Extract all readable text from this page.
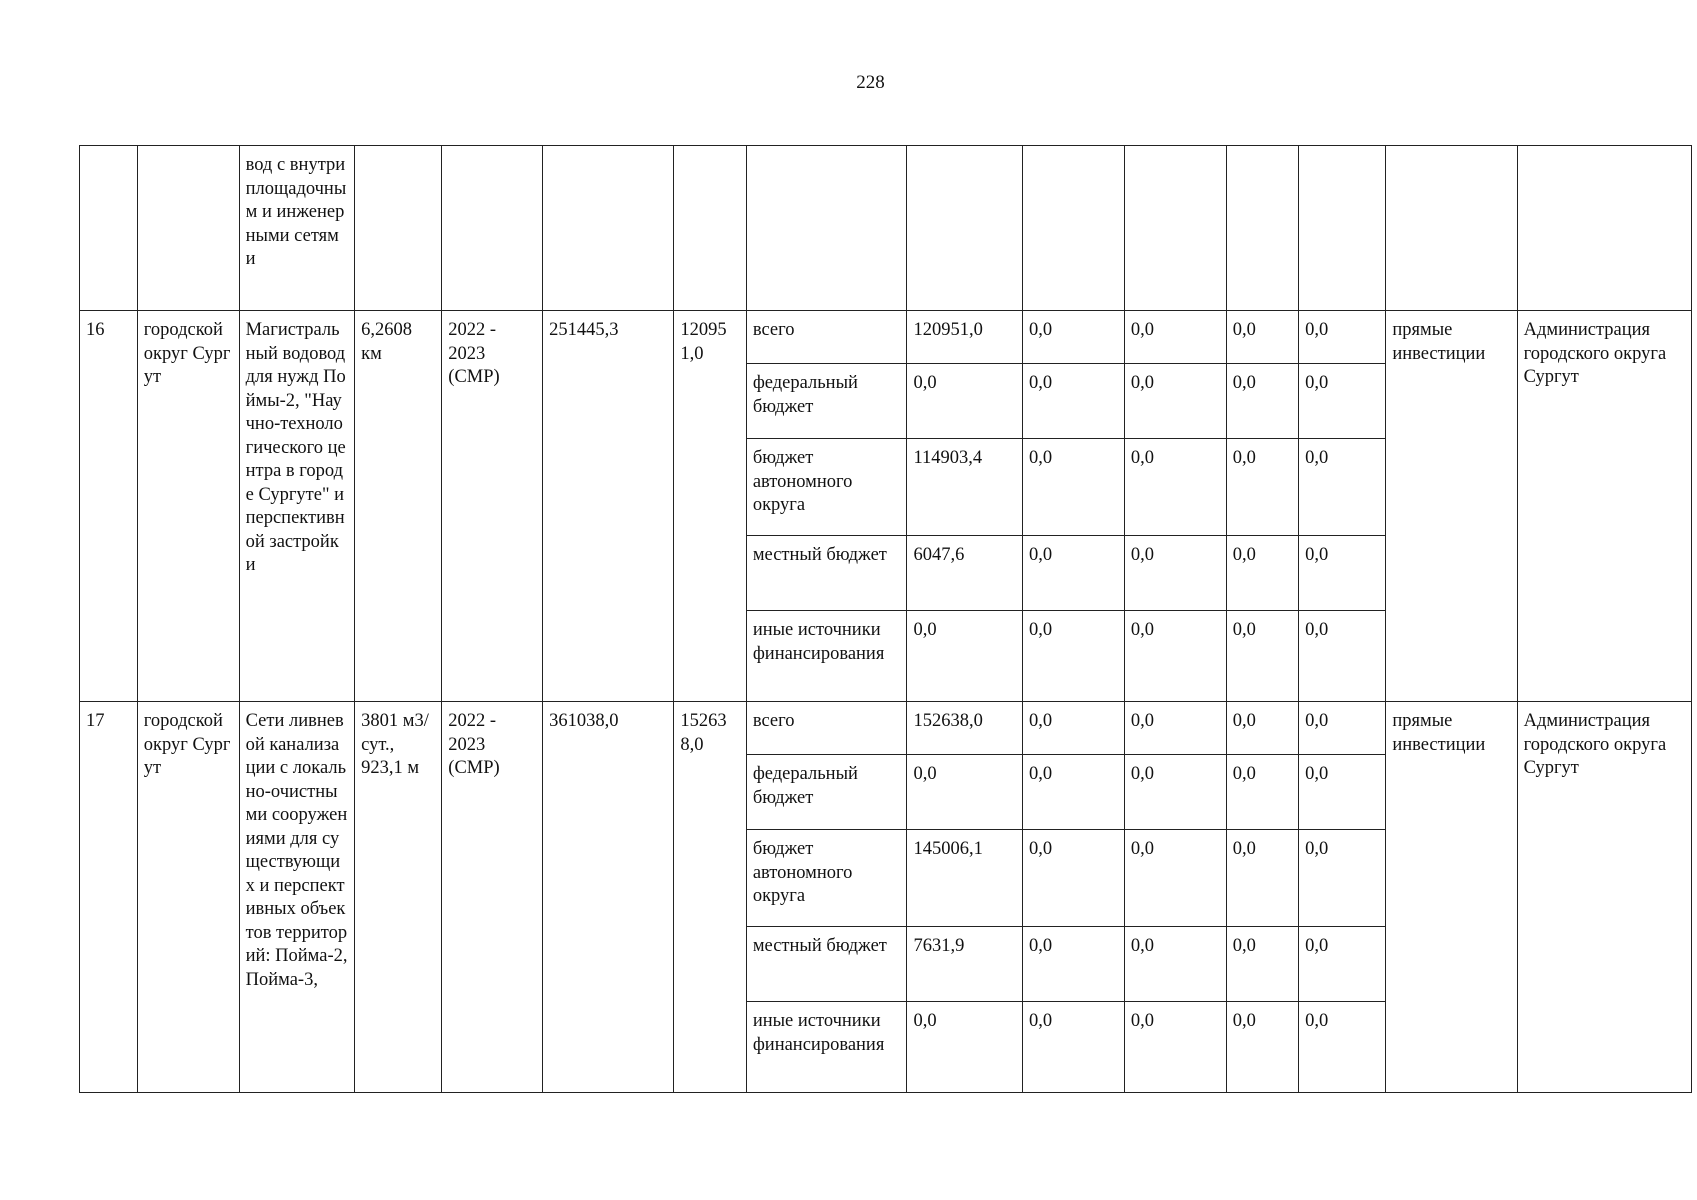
228
		вод с внутриплощадочным и инженерными сетями												
16	городской округ Сургут	Магистральный водовод для нужд Поймы-2, "Научно-технологического центра в городе Сургуте" и перспективной застройки	6,2608 км	2022 - 2023 (СМР)	251445,3	120951,0	всего	120951,0	0,0	0,0	0,0	0,0	прямые инвестиции	Администрация городского округа Сургут
							федеральный бюджет	0,0	0,0	0,0	0,0	0,0		
							бюджет автономного округа	114903,4	0,0	0,0	0,0	0,0		
							местный бюджет	6047,6	0,0	0,0	0,0	0,0		
							иные источники финансирования	0,0	0,0	0,0	0,0	0,0		
17	городской округ Сургут	Сети ливневой канализации с локально-очистными сооружениями для существующих и перспективных объектов территорий: Пойма-2, Пойма-3,	3801 м3/сут., 923,1 м	2022 - 2023 (СМР)	361038,0	152638,0	всего	152638,0	0,0	0,0	0,0	0,0	прямые инвестиции	Администрация городского округа Сургут
							федеральный бюджет	0,0	0,0	0,0	0,0	0,0		
							бюджет автономного округа	145006,1	0,0	0,0	0,0	0,0		
							местный бюджет	7631,9	0,0	0,0	0,0	0,0		
							иные источники финансирования	0,0	0,0	0,0	0,0	0,0		
